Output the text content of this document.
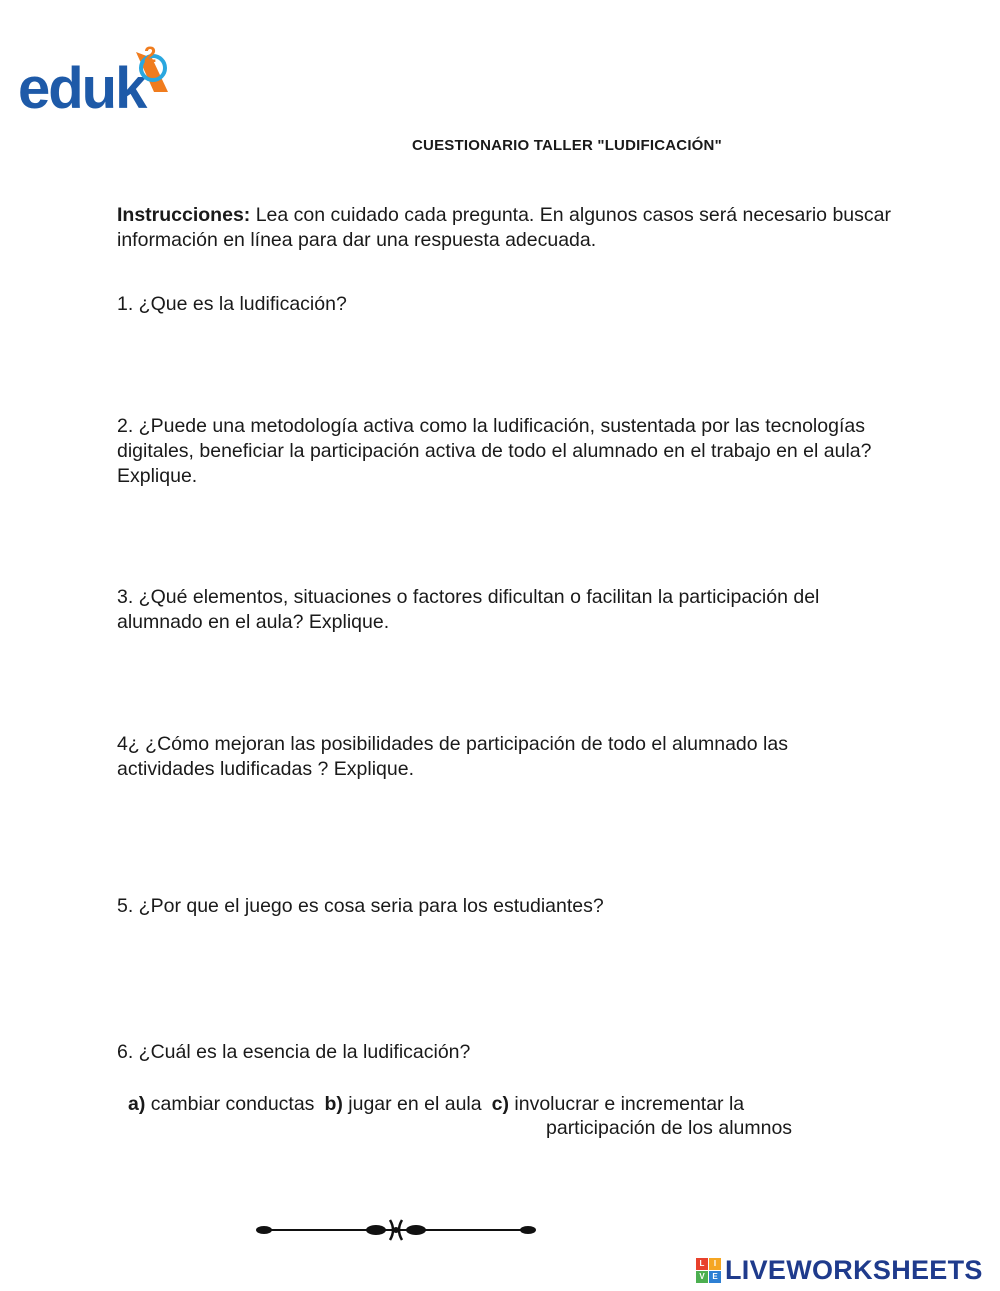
eduk
2
CUESTIONARIO TALLER "LUDIFICACIÓN"
Instrucciones: Lea con cuidado cada pregunta. En algunos casos será necesario buscar información en línea para dar una respuesta adecuada.
1. ¿Que es la ludificación?
2. ¿Puede una metodología activa como la ludificación, sustentada por las tecnologías digitales, beneficiar la participación activa de todo el alumnado en el trabajo en el aula? Explique.
3. ¿Qué elementos, situaciones o factores dificultan o facilitan la participación del alumnado en el aula? Explique.
4¿ ¿Cómo mejoran las posibilidades de participación de todo el alumnado las actividades ludificadas ? Explique.
5. ¿Por que el juego es cosa seria para los estudiantes?
6. ¿Cuál es la esencia de la ludificación?
a) cambiar conductas b) jugar en el aula c) involucrar e incrementar la
participación de los alumnos
L	I
V E LIVEWORKSHEETS
